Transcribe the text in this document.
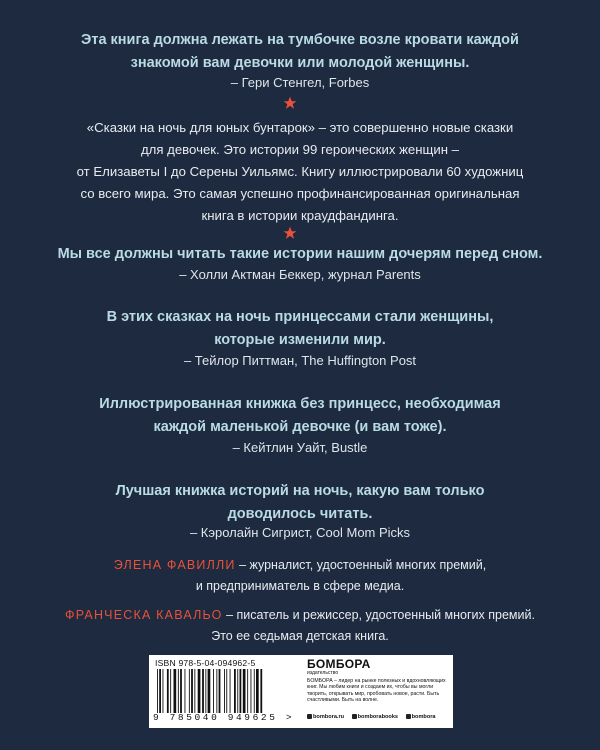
Эта книга должна лежать на тумбочке возле кровати каждой
знакомой вам девочки или молодой женщины.
– Гери Стенгел, Forbes
«Сказки на ночь для юных бунтарок» – это совершенно новые сказки
для девочек. Это истории 99 героических женщин –
от Елизаветы I до Серены Уильямс. Книгу иллюстрировали 60 художниц
со всего мира. Это самая успешно профинансированная оригинальная
книга в истории краудфандинга.
Мы все должны читать такие истории нашим дочерям перед сном.
– Холли Актман Беккер, журнал Parents
В этих сказках на ночь принцессами стали женщины,
которые изменили мир.
– Тейлор Питтман, The Huffington Post
Иллюстрированная книжка без принцесс, необходимая
каждой маленькой девочке (и вам тоже).
– Кейтлин Уайт, Bustle
Лучшая книжка историй на ночь, какую вам только
доводилось читать.
– Кэролайн Сигрист, Cool Mom Picks
ЭЛЕНА ФАВИЛЛИ – журналист, удостоенный многих премий,
и предприниматель в сфере медиа.
ФРАНЧЕСКА КАВАЛЬО – писатель и режиссер, удостоенный многих премий.
Это ее седьмая детская книга.
ISBN 978-5-04-094962-5
9 785040 949625 >
БОМБОРА
издательство
БОМБОРА – лидер на рынке полезных и вдохновляющих книг. Мы любим книги и создаем их, чтобы вы могли творить, открывать мир, пробовать новое, расти. Быть счастливыми. Быть на волне.
bombora.ru bomborabooks bombora
